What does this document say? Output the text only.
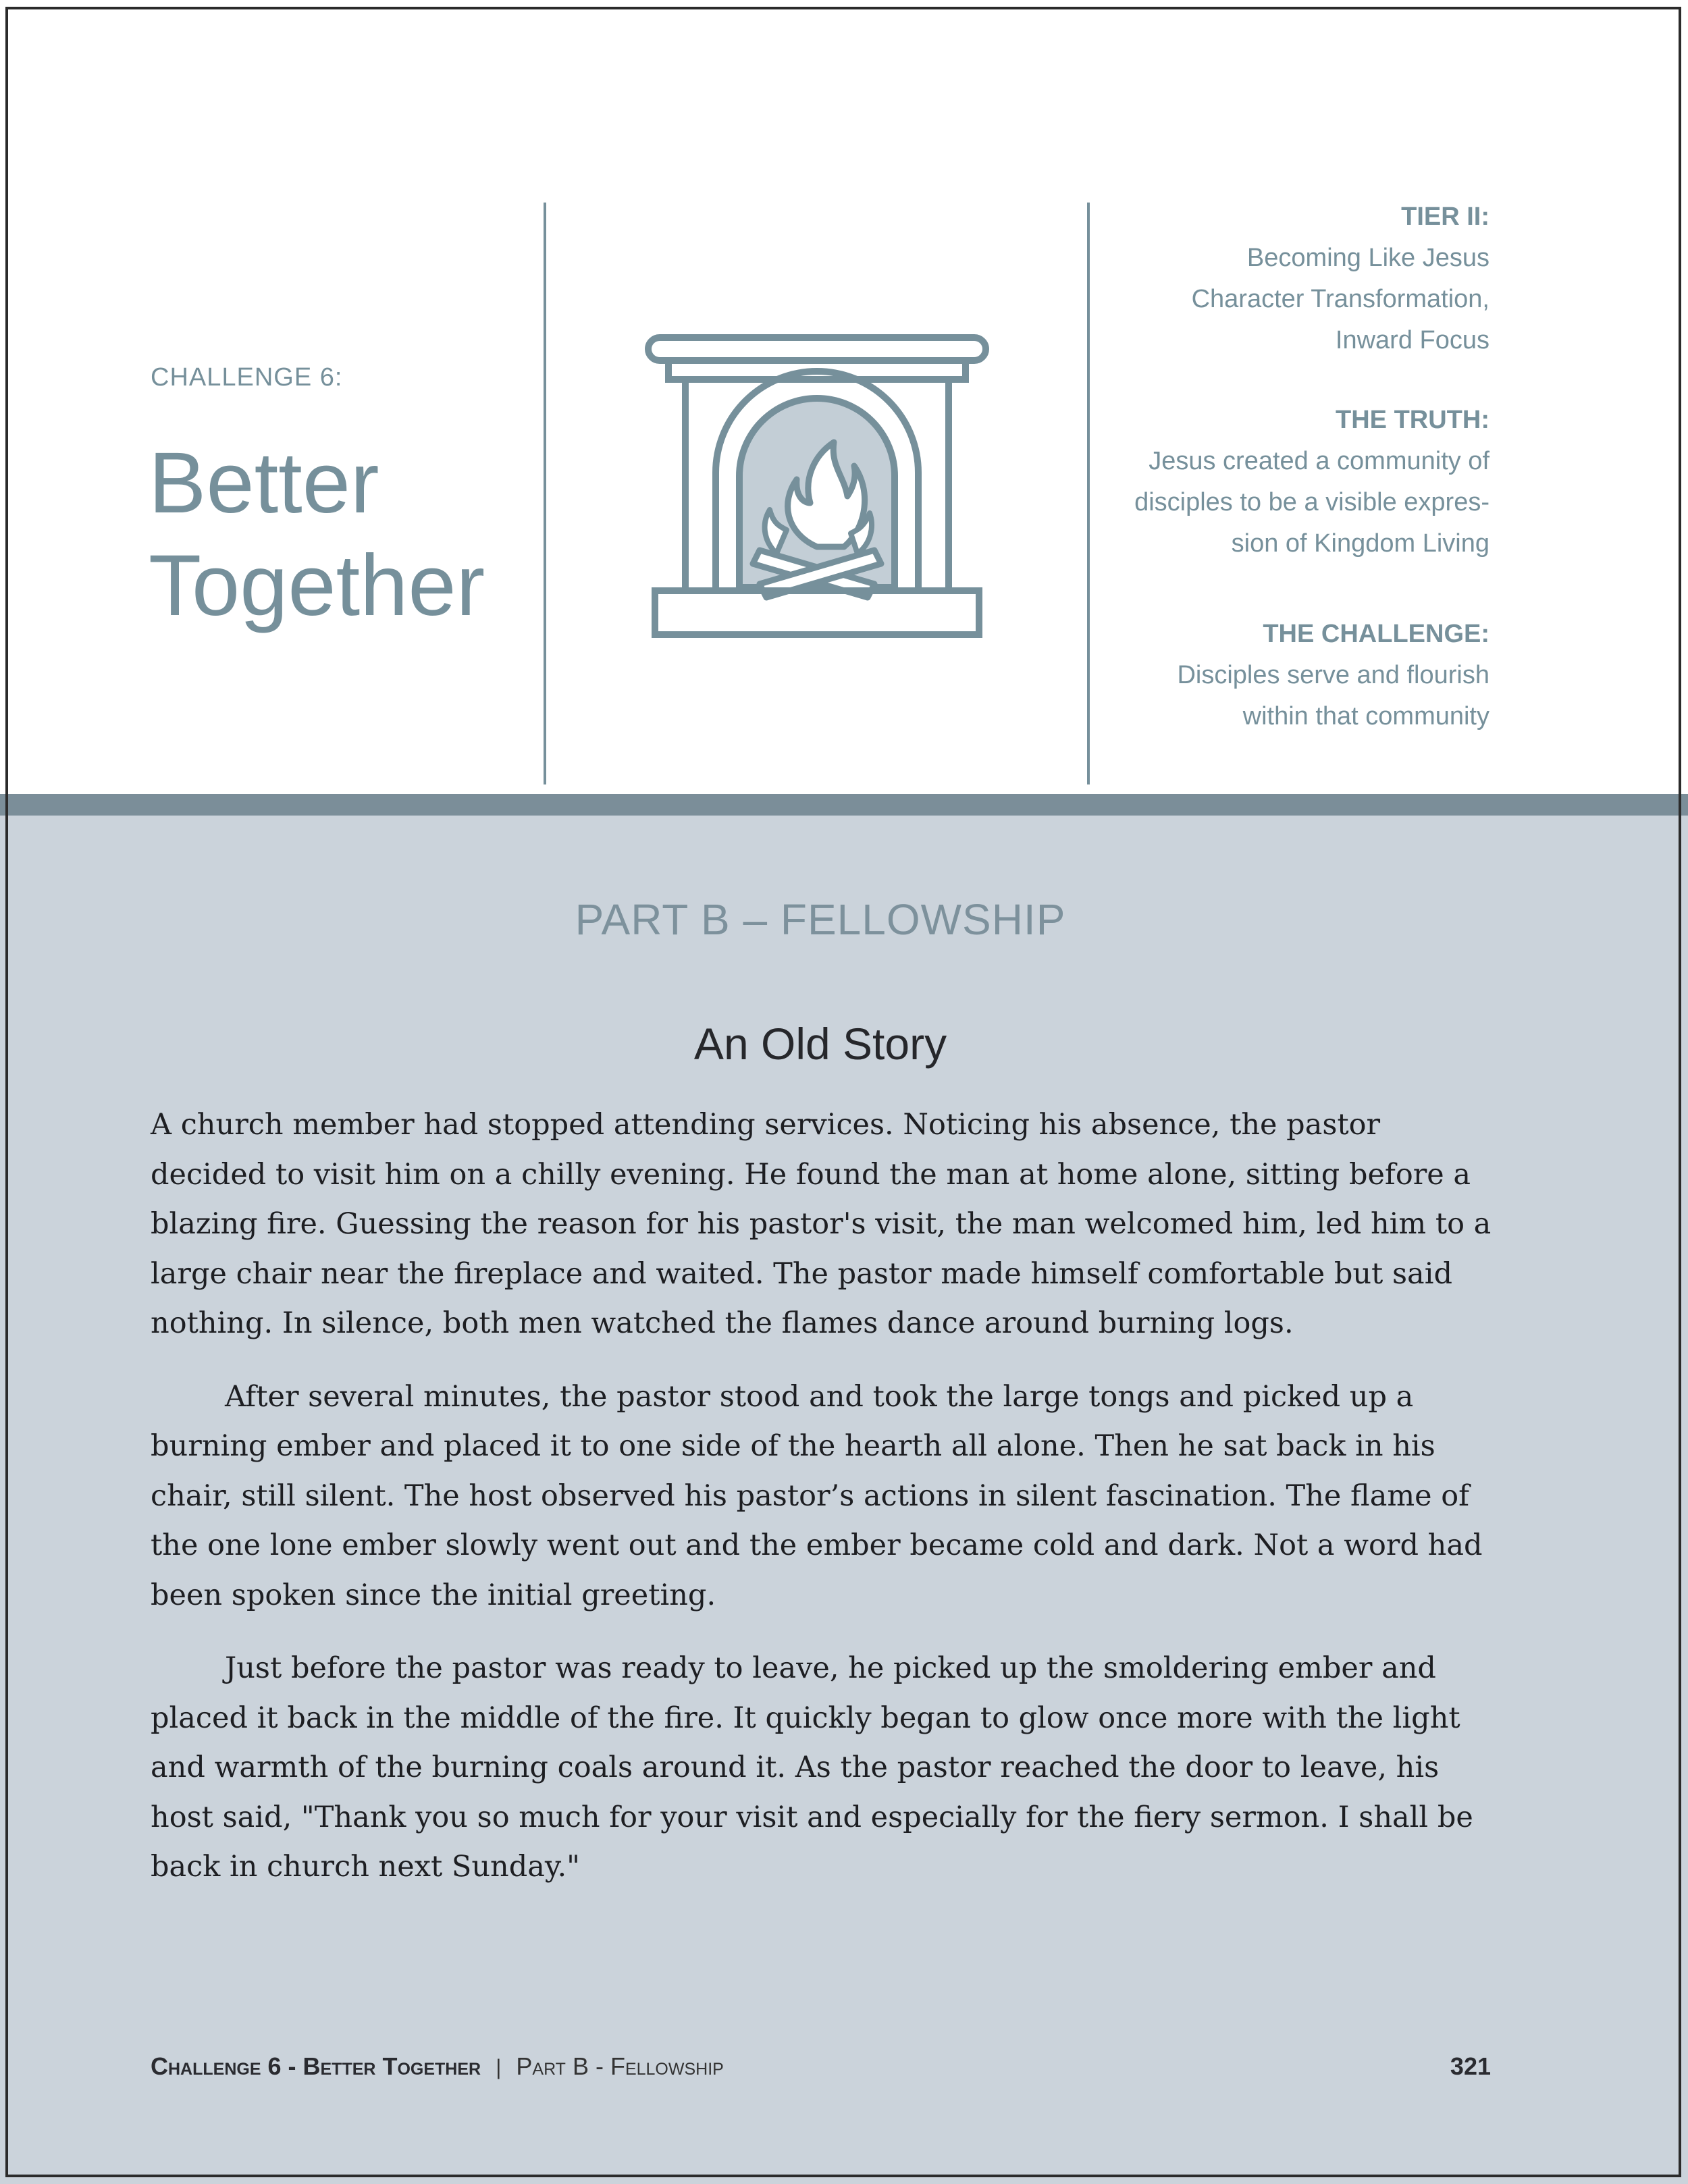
CHALLENGE 6:
Better
Together
TIER II:
Becoming Like Jesus
Character Transformation,
Inward Focus
THE TRUTH:
Jesus created a community of
disciples to be a visible expres-
sion of Kingdom Living
THE CHALLENGE:
Disciples serve and flourish
within that community
PART B – FELLOWSHIP
An Old Story

A church member had stopped attending services. Noticing his absence, the pastor decided to visit him on a chilly evening. He found the man at home alone, sitting before a blazing fire. Guessing the reason for his pastor's visit, the man welcomed him, led him to a large chair near the fireplace and waited. The pastor made himself comfortable but said nothing. In silence, both men watched the flames dance around burning logs.

After several minutes, the pastor stood and took the large tongs and picked up a burning ember and placed it to one side of the hearth all alone. Then he sat back in his chair, still silent. The host observed his pastor’s actions in silent fascination. The flame of the one lone ember slowly went out and the ember became cold and dark. Not a word had been spoken since the initial greeting.

Just before the pastor was ready to leave, he picked up the smoldering ember and placed it back in the middle of the fire. It quickly began to glow once more with the light and warmth of the burning coals around it. As the pastor reached the door to leave, his host said, "Thank you so much for your visit and especially for the fiery sermon. I shall be back in church next Sunday."

Challenge 6 - Better Together | Part B - Fellowship	321
